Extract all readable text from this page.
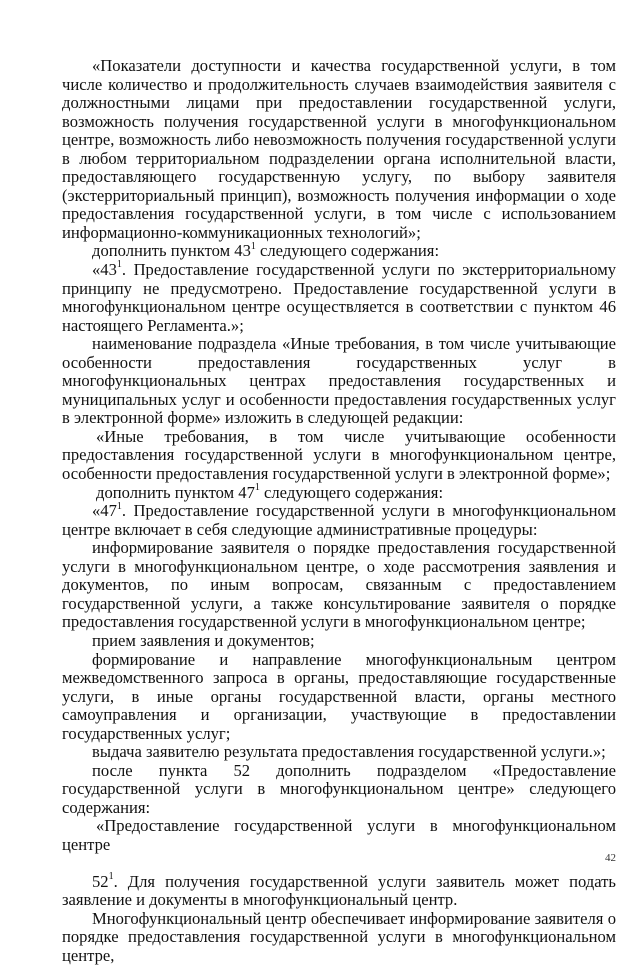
«Показатели доступности и качества государственной услуги, в том числе количество и продолжительность случаев взаимодействия заявителя с должностными лицами при предоставлении государственной услуги, возможность получения государственной услуги в многофункциональном центре, возможность либо невозможность получения государственной услуги в любом территориальном подразделении органа исполнительной власти, предоставляющего государственную услугу, по выбору заявителя (экстерриториальный принцип), возможность получения информации о ходе предоставления государственной услуги, в том числе с использованием информационно-коммуникационных технологий»;

дополнить пунктом $43^1$ следующего содержания:

«$43^1$. Предоставление государственной услуги по экстерриториальному принципу не предусмотрено. Предоставление государственной услуги в многофункциональном центре осуществляется в соответствии с пунктом 46 настоящего Регламента.»;

наименование подраздела «Иные требования, в том числе учитывающие особенности предоставления государственных услуг в многофункциональных центрах предоставления государственных и муниципальных услуг и особенности предоставления государственных услуг в электронной форме» изложить в следующей редакции:

«Иные требования, в том числе учитывающие особенности предоставления государственной услуги в многофункциональном центре, особенности предоставления государственной услуги в электронной форме»;

дополнить пунктом $47^1$ следующего содержания:

«$47^1$. Предоставление государственной услуги в многофункциональном центре включает в себя следующие административные процедуры:

информирование заявителя о порядке предоставления государственной услуги в многофункциональном центре, о ходе рассмотрения заявления и документов, по иным вопросам, связанным с предоставлением государственной услуги, а также консультирование заявителя о порядке предоставления государственной услуги в многофункциональном центре;

прием заявления и документов;

формирование и направление многофункциональным центром межведомственного запроса в органы, предоставляющие государственные услуги, в иные органы государственной власти, органы местного самоуправления и организации, участвующие в предоставлении государственных услуг;

выдача заявителю результата предоставления государственной услуги.»;

после пункта 52 дополнить подразделом «Предоставление государственной услуги в многофункциональном центре» следующего содержания:

«Предоставление государственной услуги в многофункциональном центре

$52^1$. Для получения государственной услуги заявитель может подать заявление и документы в многофункциональный центр.

Многофункциональный центр обеспечивает информирование заявителя о порядке предоставления государственной услуги в многофункциональном центре,

42
